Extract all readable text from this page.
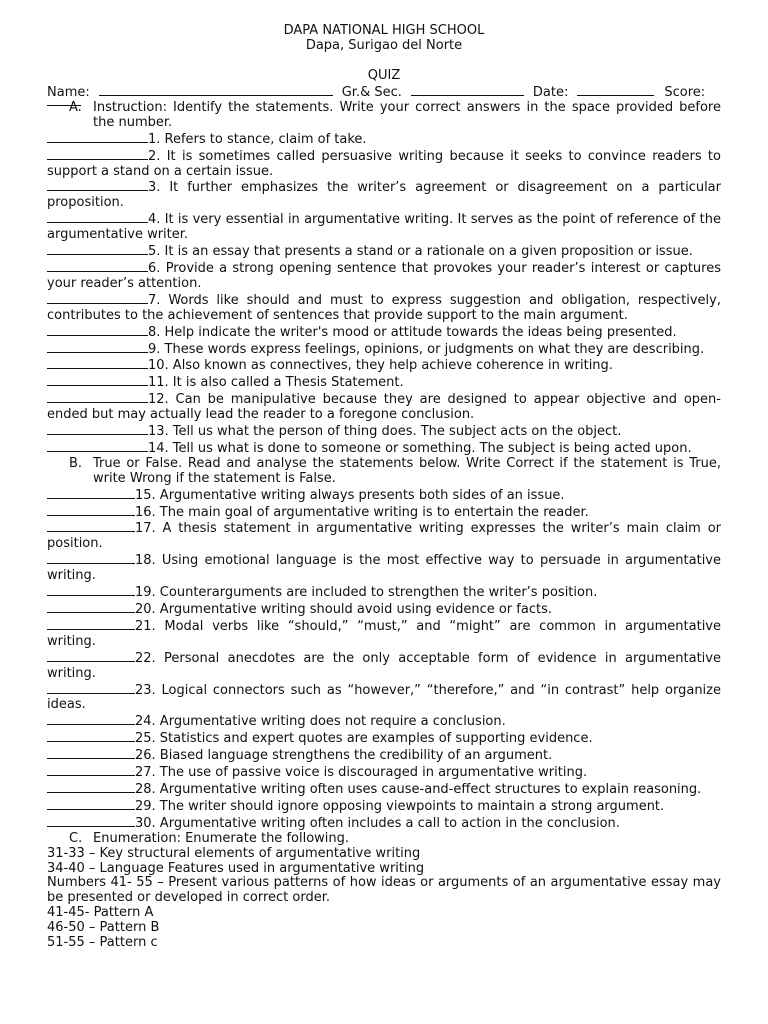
DAPA NATIONAL HIGH SCHOOL
Dapa, Surigao del Norte
QUIZ
Name:	Gr.& Sec.	Date:	Score:
A. Instruction: Identify the statements. Write your correct answers in the space provided before the number.
1. Refers to stance, claim of take.
2. It is sometimes called persuasive writing because it seeks to convince readers to support a stand on a certain issue.
3. It further emphasizes the writer’s agreement or disagreement on a particular proposition.
4. It is very essential in argumentative writing. It serves as the point of reference of the argumentative writer.
5. It is an essay that presents a stand or a rationale on a given proposition or issue.
6. Provide a strong opening sentence that provokes your reader’s interest or captures your reader’s attention.
7. Words like should and must to express suggestion and obligation, respectively, contributes to the achievement of sentences that provide support to the main argument.
8. Help indicate the writer's mood or attitude towards the ideas being presented.
9. These words express feelings, opinions, or judgments on what they are describing.
10. Also known as connectives, they help achieve coherence in writing.
11. It is also called a Thesis Statement.
12. Can be manipulative because they are designed to appear objective and open-ended but may actually lead the reader to a foregone conclusion.
13. Tell us what the person of thing does. The subject acts on the object.
14. Tell us what is done to someone or something. The subject is being acted upon.
B. True or False. Read and analyse the statements below. Write Correct if the statement is True, write Wrong if the statement is False.
15. Argumentative writing always presents both sides of an issue.
16. The main goal of argumentative writing is to entertain the reader.
17. A thesis statement in argumentative writing expresses the writer’s main claim or position.
18. Using emotional language is the most effective way to persuade in argumentative writing.
19. Counterarguments are included to strengthen the writer’s position.
20. Argumentative writing should avoid using evidence or facts.
21. Modal verbs like “should,” “must,” and “might” are common in argumentative writing.
22. Personal anecdotes are the only acceptable form of evidence in argumentative writing.
23. Logical connectors such as “however,” “therefore,” and “in contrast” help organize ideas.
24. Argumentative writing does not require a conclusion.
25. Statistics and expert quotes are examples of supporting evidence.
26. Biased language strengthens the credibility of an argument.
27. The use of passive voice is discouraged in argumentative writing.
28. Argumentative writing often uses cause-and-effect structures to explain reasoning.
29. The writer should ignore opposing viewpoints to maintain a strong argument.
30. Argumentative writing often includes a call to action in the conclusion.
C. Enumeration: Enumerate the following.
31-33 – Key structural elements of argumentative writing
34-40 – Language Features used in argumentative writing
Numbers 41- 55 – Present various patterns of how ideas or arguments of an argumentative essay may be presented or developed in correct order.
41-45- Pattern A
46-50 – Pattern B
51-55 – Pattern c
